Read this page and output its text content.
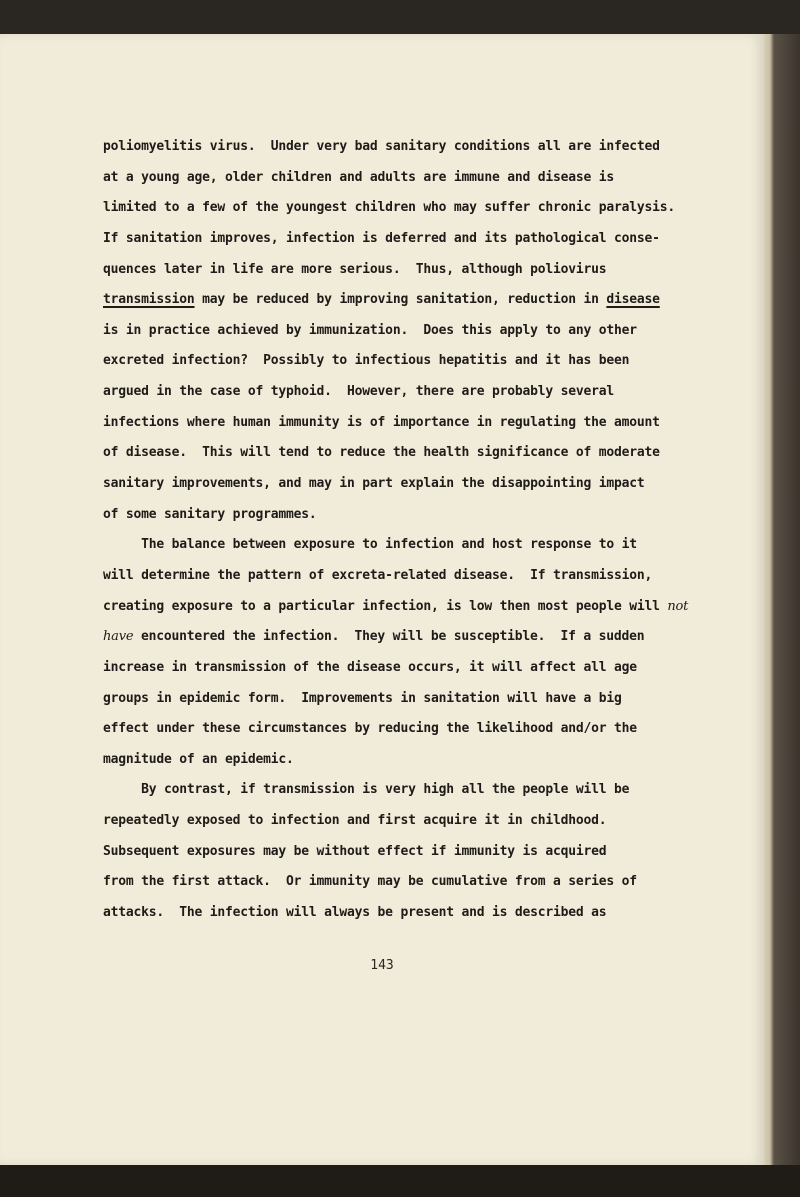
poliomyelitis virus.  Under very bad sanitary conditions all are infected
at a young age, older children and adults are immune and disease is
limited to a few of the youngest children who may suffer chronic paralysis.
If sanitation improves, infection is deferred and its pathological conse-
quences later in life are more serious.  Thus, although poliovirus
transmission may be reduced by improving sanitation, reduction in disease
is in practice achieved by immunization.  Does this apply to any other
excreted infection?  Possibly to infectious hepatitis and it has been
argued in the case of typhoid.  However, there are probably several
infections where human immunity is of importance in regulating the amount
of disease.  This will tend to reduce the health significance of moderate
sanitary improvements, and may in part explain the disappointing impact
of some sanitary programmes.
The balance between exposure to infection and host response to it
will determine the pattern of excreta-related disease.  If transmission,
creating exposure to a particular infection, is low then most people will not
have encountered the infection.  They will be susceptible.  If a sudden
increase in transmission of the disease occurs, it will affect all age
groups in epidemic form.  Improvements in sanitation will have a big
effect under these circumstances by reducing the likelihood and/or the
magnitude of an epidemic.
By contrast, if transmission is very high all the people will be
repeatedly exposed to infection and first acquire it in childhood.
Subsequent exposures may be without effect if immunity is acquired
from the first attack.  Or immunity may be cumulative from a series of
attacks.  The infection will always be present and is described as
143
